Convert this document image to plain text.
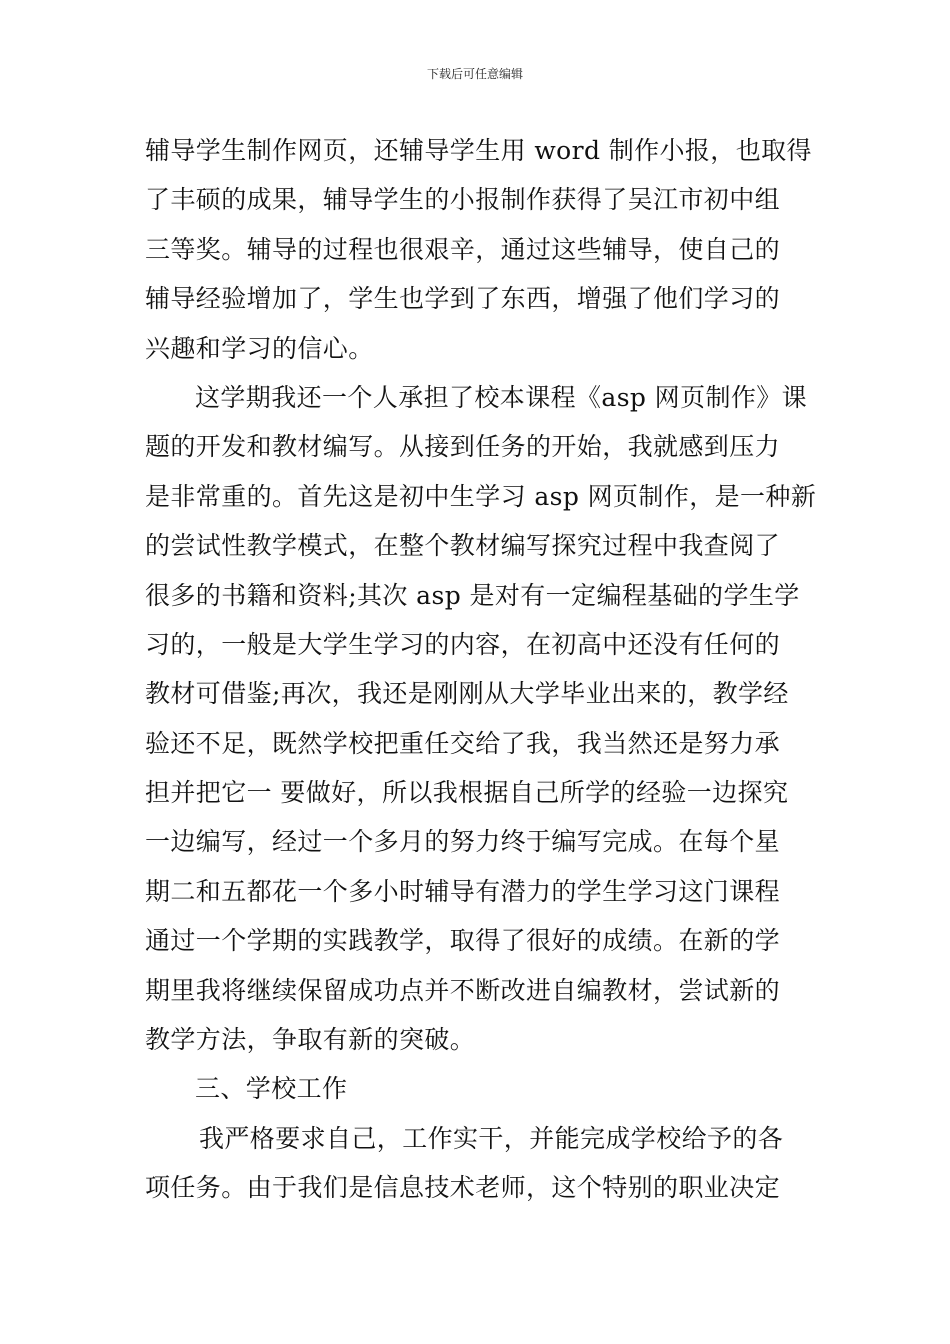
下载后可任意编辑
辅导学生制作网页，还辅导学生用 word 制作小报，也取得
了丰硕的成果，辅导学生的小报制作获得了吴江市初中组
三等奖。辅导的过程也很艰辛，通过这些辅导，使自己的
辅导经验增加了，学生也学到了东西，增强了他们学习的
兴趣和学习的信心。
这学期我还一个人承担了校本课程《asp 网页制作》课
题的开发和教材编写。从接到任务的开始，我就感到压力
是非常重的。首先这是初中生学习 asp 网页制作，是一种新
的尝试性教学模式，在整个教材编写探究过程中我查阅了
很多的书籍和资料;其次 asp 是对有一定编程基础的学生学
习的，一般是大学生学习的内容，在初高中还没有任何的
教材可借鉴;再次，我还是刚刚从大学毕业出来的，教学经
验还不足，既然学校把重任交给了我，我当然还是努力承
担并把它一 要做好，所以我根据自己所学的经验一边探究
一边编写，经过一个多月的努力终于编写完成。在每个星
期二和五都花一个多小时辅导有潜力的学生学习这门课程
通过一个学期的实践教学，取得了很好的成绩。在新的学
期里我将继续保留成功点并不断改进自编教材，尝试新的
教学方法，争取有新的突破。
三、学校工作
我严格要求自己，工作实干，并能完成学校给予的各
项任务。由于我们是信息技术老师，这个特别的职业决定
